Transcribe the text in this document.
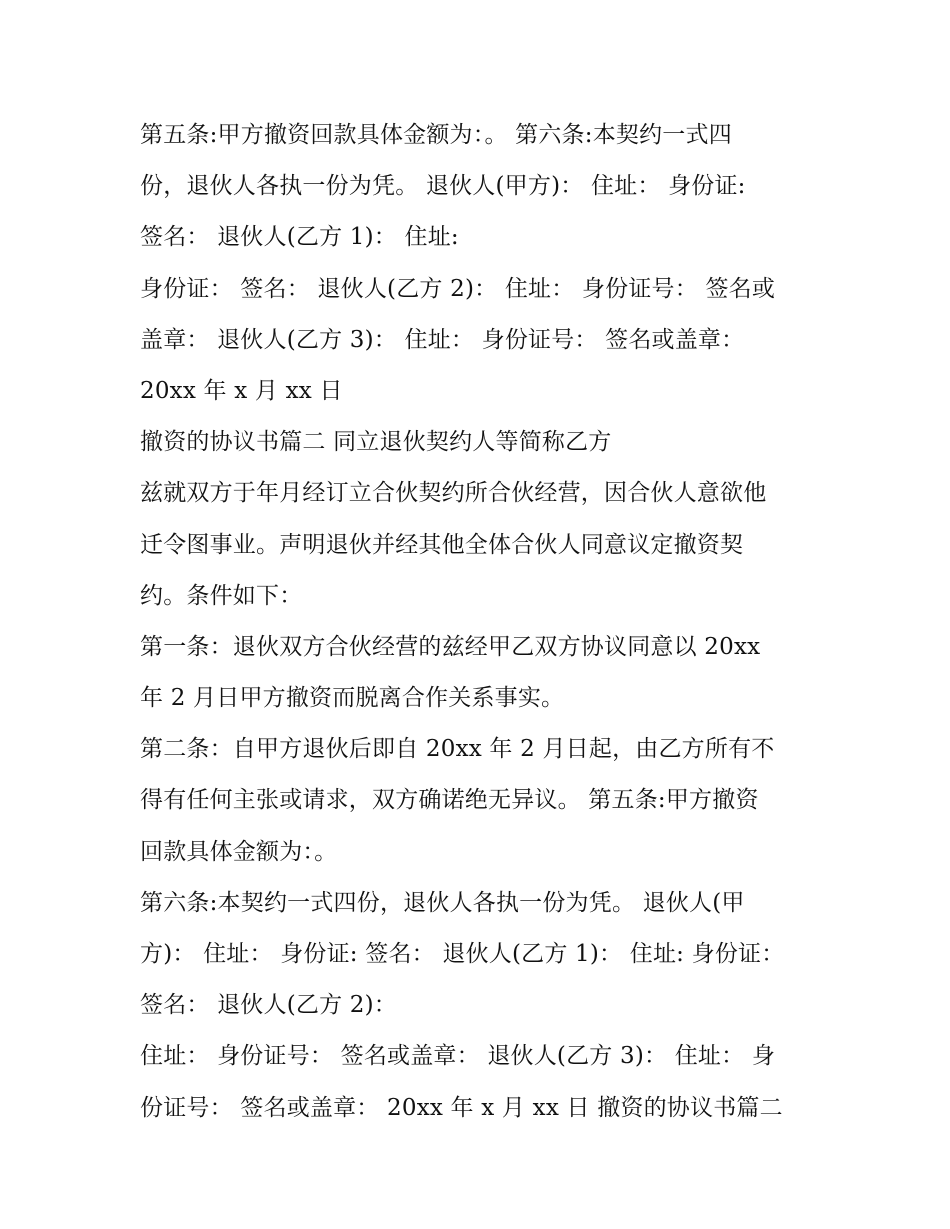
第五条:甲方撤资回款具体金额为：。 第六条:本契约一式四
份，退伙人各执一份为凭。 退伙人(甲方)： 住址： 身份证:
签名： 退伙人(乙方 1)： 住址:
身份证： 签名： 退伙人(乙方 2)： 住址： 身份证号： 签名或
盖章： 退伙人(乙方 3)： 住址： 身份证号： 签名或盖章：
20xx 年 x 月 xx 日
撤资的协议书篇二 同立退伙契约人等简称乙方
兹就双方于年月经订立合伙契约所合伙经营，因合伙人意欲他
迁令图事业。声明退伙并经其他全体合伙人同意议定撤资契
约。条件如下：
第一条：退伙双方合伙经营的兹经甲乙双方协议同意以 20xx
年 2 月日甲方撤资而脱离合作关系事实。
第二条：自甲方退伙后即自 20xx 年 2 月日起，由乙方所有不
得有任何主张或请求，双方确诺绝无异议。 第五条:甲方撤资
回款具体金额为：。
第六条:本契约一式四份，退伙人各执一份为凭。 退伙人(甲
方)： 住址： 身份证: 签名： 退伙人(乙方 1)： 住址: 身份证：
签名： 退伙人(乙方 2)：
住址： 身份证号： 签名或盖章： 退伙人(乙方 3)： 住址： 身
份证号： 签名或盖章： 20xx 年 x 月 xx 日 撤资的协议书篇二
